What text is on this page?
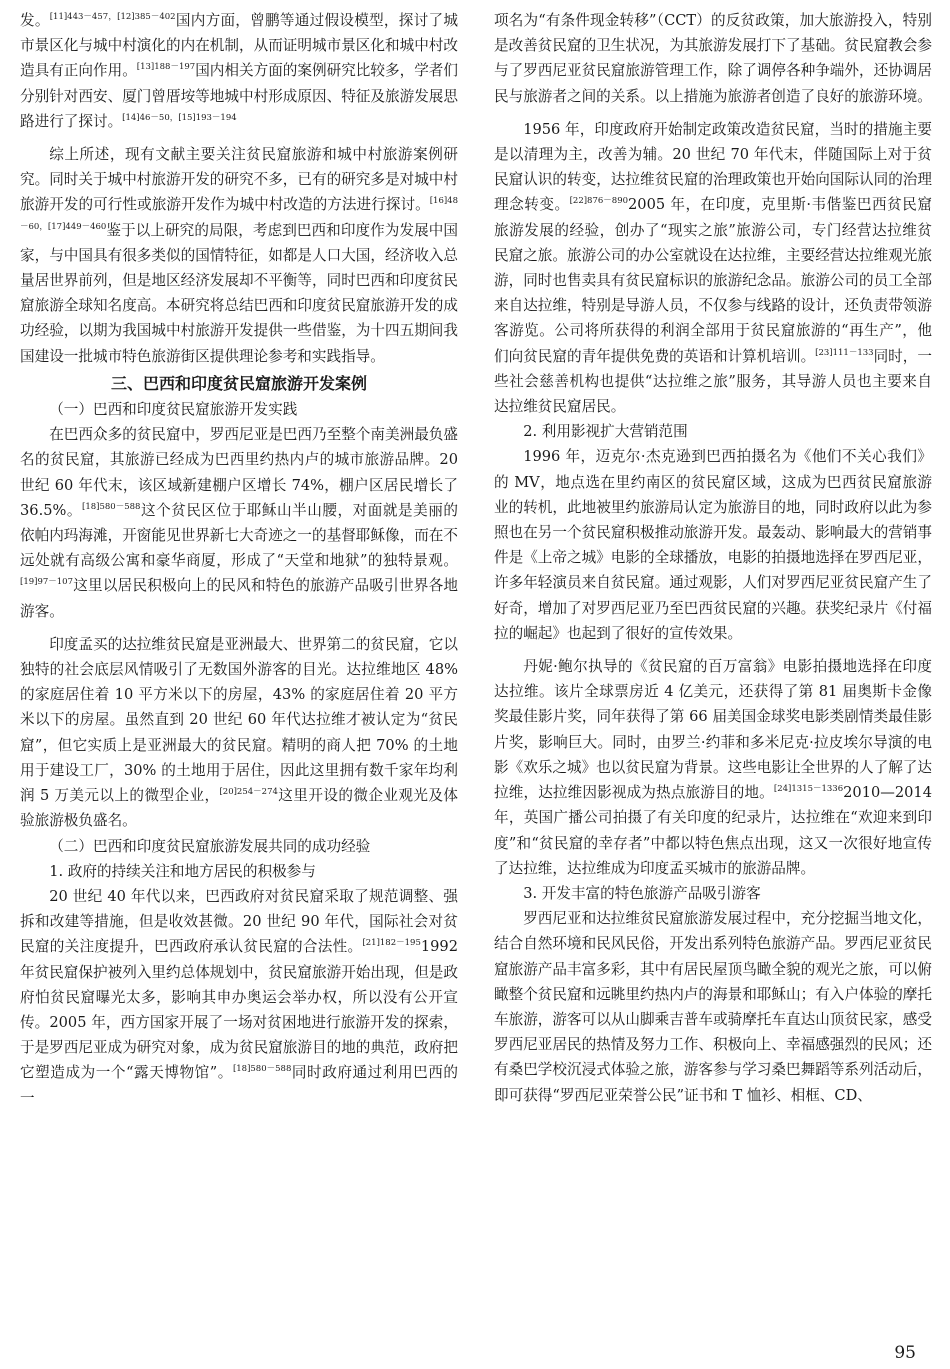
发。$^{[11]443-457,[12]385-402}$国内方面，曾鹏等通过假设模型，探讨了城市景区化与城中村演化的内在机制，从而证明城市景区化和城中村改造具有正向作用。$^{[13]188-197}$国内相关方面的案例研究比较多，学者们分别针对西安、厦门曾厝垵等地城中村形成原因、特征及旅游发展思路进行了探讨。$^{[14]46-50,[15]193-194}$

综上所述，现有文献主要关注贫民窟旅游和城中村旅游案例研究。同时关于城中村旅游开发的研究不多，已有的研究多是对城中村旅游开发的可行性或旅游开发作为城中村改造的方法进行探讨。$^{[16]48-60,[17]449-460}$鉴于以上研究的局限，考虑到巴西和印度作为发展中国家，与中国具有很多类似的国情特征，如都是人口大国，经济收入总量居世界前列，但是地区经济发展却不平衡等，同时巴西和印度贫民窟旅游全球知名度高。本研究将总结巴西和印度贫民窟旅游开发的成功经验，以期为我国城中村旅游开发提供一些借鉴，为十四五期间我国建设一批城市特色旅游街区提供理论参考和实践指导。

三、巴西和印度贫民窟旅游开发案例

（一）巴西和印度贫民窟旅游开发实践

在巴西众多的贫民窟中，罗西尼亚是巴西乃至整个南美洲最负盛名的贫民窟，其旅游已经成为巴西里约热内卢的城市旅游品牌。20 世纪 60 年代末，该区域新建棚户区增长 74%，棚户区居民增长了 36.5%。$^{[18]580-588}$这个贫民区位于耶稣山半山腰，对面就是美丽的依帕内玛海滩，开窗能见世界新七大奇迹之一的基督耶稣像，而在不远处就有高级公寓和豪华商厦，形成了“天堂和地狱”的独特景观。$^{[19]97-107}$这里以居民积极向上的民风和特色的旅游产品吸引世界各地游客。

印度孟买的达拉维贫民窟是亚洲最大、世界第二的贫民窟，它以独特的社会底层风情吸引了无数国外游客的目光。达拉维地区 48% 的家庭居住着 10 平方米以下的房屋，43% 的家庭居住着 20 平方米以下的房屋。虽然直到 20 世纪 60 年代达拉维才被认定为“贫民窟”，但它实质上是亚洲最大的贫民窟。精明的商人把 70% 的土地用于建设工厂，30% 的土地用于居住，因此这里拥有数千家年均利润 5 万美元以上的微型企业，$^{[20]254-274}$这里开设的微企业观光及体验旅游极负盛名。

（二）巴西和印度贫民窟旅游发展共同的成功经验

1. 政府的持续关注和地方居民的积极参与

20 世纪 40 年代以来，巴西政府对贫民窟采取了规范调整、强拆和改建等措施，但是收效甚微。20 世纪 90 年代，国际社会对贫民窟的关注度提升，巴西政府承认贫民窟的合法性。$^{[21]182-195}$1992 年贫民窟保护被列入里约总体规划中，贫民窟旅游开始出现，但是政府怕贫民窟曝光太多，影响其申办奥运会举办权，所以没有公开宣传。2005 年，西方国家开展了一场对贫困地进行旅游开发的探索，于是罗西尼亚成为研究对象，成为贫民窟旅游目的地的典范，政府把它塑造成为一个“露天博物馆”。$^{[18]580-588}$同时政府通过利用巴西的一

项名为“有条件现金转移”（CCT）的反贫政策，加大旅游投入，特别是改善贫民窟的卫生状况，为其旅游发展打下了基础。贫民窟教会参与了罗西尼亚贫民窟旅游管理工作，除了调停各种争端外，还协调居民与旅游者之间的关系。以上措施为旅游者创造了良好的旅游环境。

1956 年，印度政府开始制定政策改造贫民窟，当时的措施主要是以清理为主，改善为辅。20 世纪 70 年代末，伴随国际上对于贫民窟认识的转变，达拉维贫民窟的治理政策也开始向国际认同的治理理念转变。$^{[22]876-890}$2005 年，在印度，克里斯·韦偕鉴巴西贫民窟旅游发展的经验，创办了“现实之旅”旅游公司，专门经营达拉维贫民窟之旅。旅游公司的办公室就设在达拉维，主要经营达拉维观光旅游，同时也售卖具有贫民窟标识的旅游纪念品。旅游公司的员工全部来自达拉维，特别是导游人员，不仅参与线路的设计，还负责带领游客游览。公司将所获得的利润全部用于贫民窟旅游的“再生产”，他们向贫民窟的青年提供免费的英语和计算机培训。$^{[23]111-133}$同时，一些社会慈善机构也提供“达拉维之旅”服务，其导游人员也主要来自达拉维贫民窟居民。

2. 利用影视扩大营销范围

1996 年，迈克尔·杰克逊到巴西拍摄名为《他们不关心我们》的 MV，地点选在里约南区的贫民窟区域，这成为巴西贫民窟旅游业的转机，此地被里约旅游局认定为旅游目的地，同时政府以此为参照也在另一个贫民窟积极推动旅游开发。最轰动、影响最大的营销事件是《上帝之城》电影的全球播放，电影的拍摄地选择在罗西尼亚，许多年轻演员来自贫民窟。通过观影，人们对罗西尼亚贫民窟产生了好奇，增加了对罗西尼亚乃至巴西贫民窟的兴趣。获奖纪录片《付福拉的崛起》也起到了很好的宣传效果。

丹妮·鲍尔执导的《贫民窟的百万富翁》电影拍摄地选择在印度达拉维。该片全球票房近 4 亿美元，还获得了第 81 届奥斯卡金像奖最佳影片奖，同年获得了第 66 届美国金球奖电影类剧情类最佳影片奖，影响巨大。同时，由罗兰·约菲和多米尼克·拉皮埃尔导演的电影《欢乐之城》也以贫民窟为背景。这些电影让全世界的人了解了达拉维，达拉维因影视成为热点旅游目的地。$^{[24]1315-1336}$2010—2014 年，英国广播公司拍摄了有关印度的纪录片，达拉维在“欢迎来到印度”和“贫民窟的幸存者”中都以特色焦点出现，这又一次很好地宣传了达拉维，达拉维成为印度孟买城市的旅游品牌。

3. 开发丰富的特色旅游产品吸引游客

罗西尼亚和达拉维贫民窟旅游发展过程中，充分挖掘当地文化，结合自然环境和民风民俗，开发出系列特色旅游产品。罗西尼亚贫民窟旅游产品丰富多彩，其中有居民屋顶鸟瞰全貌的观光之旅，可以俯瞰整个贫民窟和远眺里约热内卢的海景和耶稣山；有入户体验的摩托车旅游，游客可以从山脚乘吉普车或骑摩托车直达山顶贫民家，感受罗西尼亚居民的热情及努力工作、积极向上、幸福感强烈的民风；还有桑巴学校沉浸式体验之旅，游客参与学习桑巴舞蹈等系列活动后，即可获得“罗西尼亚荣誉公民”证书和 T 恤衫、相框、CD、

95
